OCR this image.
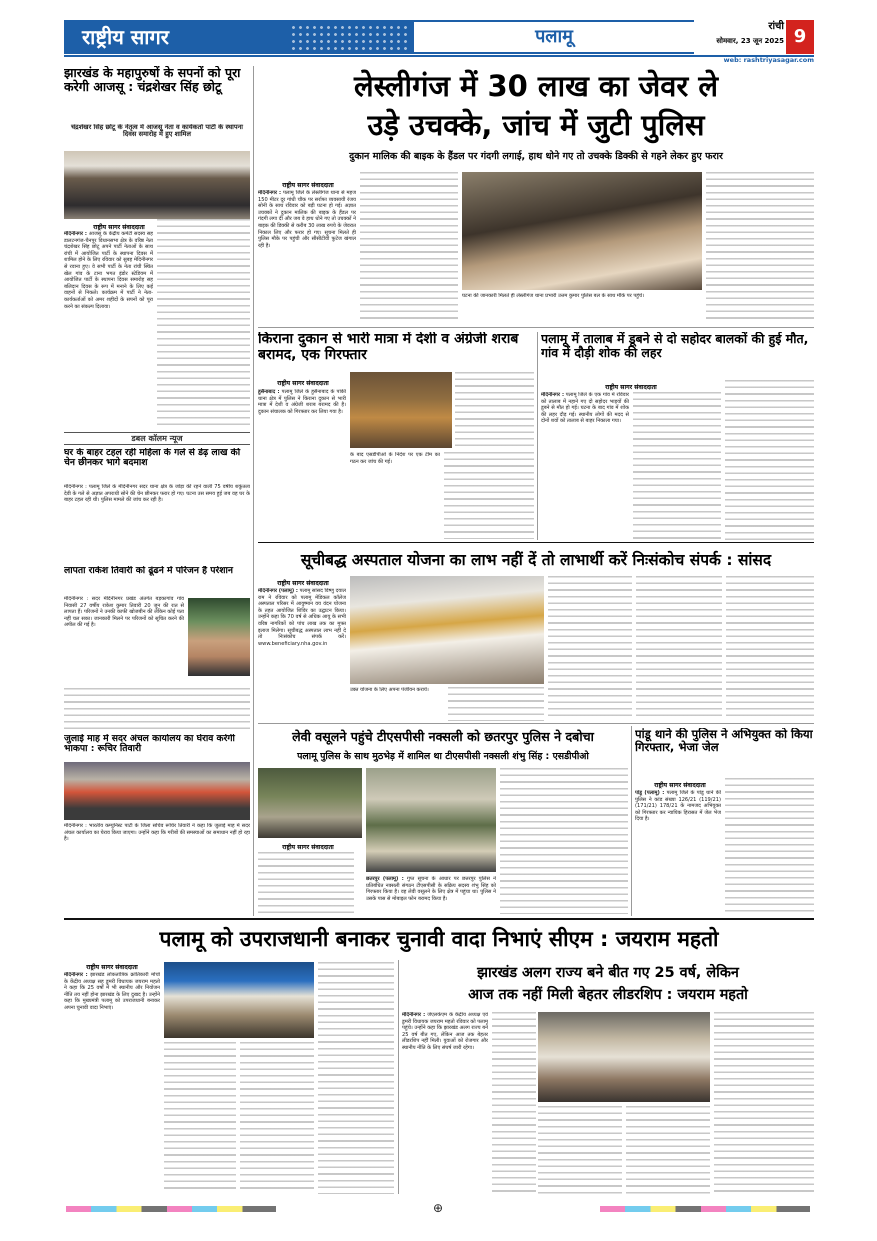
राष्ट्रीय सागर	पलामू	रांची
सोमवार, 23 जून 2025 9
web: rashtriyasagar.com
झारखंड के महापुरुषों के सपनों को पूरा करेगी आजसू : चंद्रशेखर सिंह छोटू
चंद्रशेखर सिंह छोटू के नेतृत्व में आजसू नेता व कार्यकर्ता पार्टी के स्थापना दिवस समारोह में हुए शामिल
राष्ट्रीय सागर संवाददाता
मेदिनीनगर : आजसू के केंद्रीय कमेटी सदस्य सह डालटनगंज-चैनपुर विधानसभा क्षेत्र के वरिष्ठ नेता चंद्रशेखर सिंह छोटू अपने पार्टी नेताओं के साथ रांची में आयोजित पार्टी के स्थापना दिवस में शामिल होने के लिए रविवार को सुबह मेदिनीनगर से रवाना हुए। वे सभी पार्टी के नेता रांची स्थित खेल गांव के टाना भगत इंडोर स्टेडियम में आयोजित पार्टी के स्थापना दिवस समारोह सह बलिदान दिवस के रूप में मनाने के लिए कई वाहनों से निकले। कार्यक्रम में पार्टी ने नेता-कार्यकर्ताओं को अमर शहीदों के सपनों को पूरा करने का संकल्प दिलाया।
डबल कॉलम न्यूज
घर के बाहर टहल रही महिला के गले से डेढ़ लाख की चेन छीनकर भागे बदमाश
मेदिनीनगर : पलामू जिले के मेदिनीनगर सदर थाना क्षेत्र के जोड़ा की रहने वाली 75 वर्षीय शकुंतला देवी के गले से अज्ञात अपराधी सोने की चेन छीनकर फरार हो गए। घटना उस समय हुई जब वह घर के बाहर टहल रही थी। पुलिस मामले की जांच कर रही है।
लापता राकेश तिवारी को ढूंढने में परिजन हैं परेशान
मेदिनीनगर : सदर मेदिनीनगर प्रखंड अंतर्गत बड़कागांव गांव निवासी 27 वर्षीय राकेश कुमार तिवारी 20 जून की रात से लापता हैं। परिजनों ने उनकी काफी खोजबीन की लेकिन कोई पता नहीं चल सका। जानकारी मिलने पर परिजनों को सूचित करने की अपील की गई है।
जुलाई माह में सदर अंचल कार्यालय का घेराव करेगी भाकपा : रूचिर तिवारी
मेदिनीनगर : भारतीय कम्युनिस्ट पार्टी के जिला सचिव रूचिर तिवारी ने कहा कि जुलाई माह में सदर अंचल कार्यालय का घेराव किया जाएगा। उन्होंने कहा कि गरीबों की समस्याओं का समाधान नहीं हो रहा है।
लेस्लीगंज में 30 लाख का जेवर ले
उड़े उचक्के, जांच में जुटी पुलिस
दुकान मालिक की बाइक के हैंडल पर गंदगी लगाई, हाथ धोने गए तो उचक्के डिक्की से गहने लेकर हुए फरार
राष्ट्रीय सागर संवाददाता
मेदिनीनगर : पलामू जिले के लेस्लीगंज थाना से महज 150 मीटर दूर गांधी चौक पर सर्राफा व्यवसायी रंजय सोनी के साथ रविवार को बड़ी घटना हो गई। अज्ञात उचक्कों ने दुकान मालिक की बाइक के हैंडल पर गंदगी लगा दी और जब वे हाथ धोने गए तो उचक्कों ने बाइक की डिक्की से करीब 30 लाख रुपये के जेवरात निकाल लिए और फरार हो गए। सूचना मिलते ही पुलिस मौके पर पहुंची और सीसीटीवी फुटेज खंगाल रही है।
घटना की जानकारी मिलते ही लेस्लीगंज थाना प्रभारी उत्तम कुमार पुलिस बल के साथ मौके पर पहुंचे।
किराना दुकान से भारी मात्रा में देशी व अंग्रेजी शराब बरामद, एक गिरफ्तार
राष्ट्रीय सागर संवाददाता
हुसैनाबाद : पलामू जिले के हुसैनाबाद के पांकी थाना क्षेत्र में पुलिस ने किराना दुकान से भारी मात्रा में देशी व अंग्रेजी शराब बरामद की है। दुकान संचालक को गिरफ्तार कर लिया गया है।
के बाद एसडीपीओ के निर्देश पर एक टीम का गठन कर जांच की गई।
पलामू में तालाब में डूबने से दो सहोदर बालकों की हुई मौत, गांव में दौड़ी शोक की लहर
राष्ट्रीय सागर संवाददाता
मेदिनीनगर : पलामू जिले के एक गांव में रविवार को तालाब में नहाने गए दो सहोदर भाइयों की डूबने से मौत हो गई। घटना के बाद गांव में शोक की लहर दौड़ गई। स्थानीय लोगों की मदद से दोनों शवों को तालाब से बाहर निकाला गया।
सूचीबद्ध अस्पताल योजना का लाभ नहीं दें तो लाभार्थी करें निःसंकोच संपर्क : सांसद
राष्ट्रीय सागर संवाददाता
मेदिनीनगर (पलामू) : पलामू सांसद विष्णु दयाल राम ने रविवार को पलामू मेडिकल कॉलेज अस्पताल परिसर में आयुष्मान वय वंदन योजना के तहत आयोजित शिविर का उद्घाटन किया। उन्होंने कहा कि 70 वर्ष से अधिक आयु के सभी वरिष्ठ नागरिकों को पांच लाख तक का मुफ्त इलाज मिलेगा। सूचीबद्ध अस्पताल लाभ नहीं दे तो निःसंकोच संपर्क करें। www.beneficiary.nha.gov.in
उक्त योजना के लिए अपना पंजीयन करायें।
लेवी वसूलने पहुंचे टीएसपीसी नक्सली को छतरपुर पुलिस ने दबोचा
पलामू पुलिस के साथ मुठभेड़ में शामिल था टीएसपीसी नक्सली शंभु सिंह : एसडीपीओ
राष्ट्रीय सागर संवाददाता
छतरपुर (पलामू) : गुप्त सूचना के आधार पर छतरपुर पुलिस ने प्रतिबंधित नक्सली संगठन टीएसपीसी के सक्रिय सदस्य शंभु सिंह को गिरफ्तार किया है। वह लेवी वसूलने के लिए क्षेत्र में पहुंचा था। पुलिस ने उसके पास से मोबाइल फोन बरामद किया है।
पांडू थाने की पुलिस ने अभियुक्त को किया गिरफ्तार, भेजा जेल
राष्ट्रीय सागर संवाददाता
पांडू (पलामू) : पलामू जिले के पांडू थाने की पुलिस ने कांड संख्या 126/21 (119/21) (171/21) 178/21 के नामजद अभियुक्त को गिरफ्तार कर न्यायिक हिरासत में जेल भेज दिया है।
पलामू को उपराजधानी बनाकर चुनावी वादा निभाएं सीएम : जयराम महतो
राष्ट्रीय सागर संवाददाता
मेदिनीनगर : झारखंड लोकतांत्रिक क्रांतिकारी मोर्चा के केंद्रीय अध्यक्ष सह डुमरी विधायक जयराम महतो ने कहा कि 25 वर्षों में भी स्थानीय और नियोजन नीति तय नहीं होना झारखंड के लिए दुखद है। उन्होंने कहा कि मुख्यमंत्री पलामू को उपराजधानी बनाकर अपना चुनावी वादा निभाएं।
झारखंड अलग राज्य बने बीत गए 25 वर्ष, लेकिन
आज तक नहीं मिली बेहतर लीडरशिप : जयराम महतो
मेदिनीनगर : जेएलकेएम के केंद्रीय अध्यक्ष एवं डुमरी विधायक जयराम महतो रविवार को पलामू पहुंचे। उन्होंने कहा कि झारखंड अलग राज्य बने 25 वर्ष बीत गए, लेकिन आज तक बेहतर लीडरशिप नहीं मिली। युवाओं को रोजगार और स्थानीय नीति के लिए संघर्ष जारी रहेगा।
⊕
